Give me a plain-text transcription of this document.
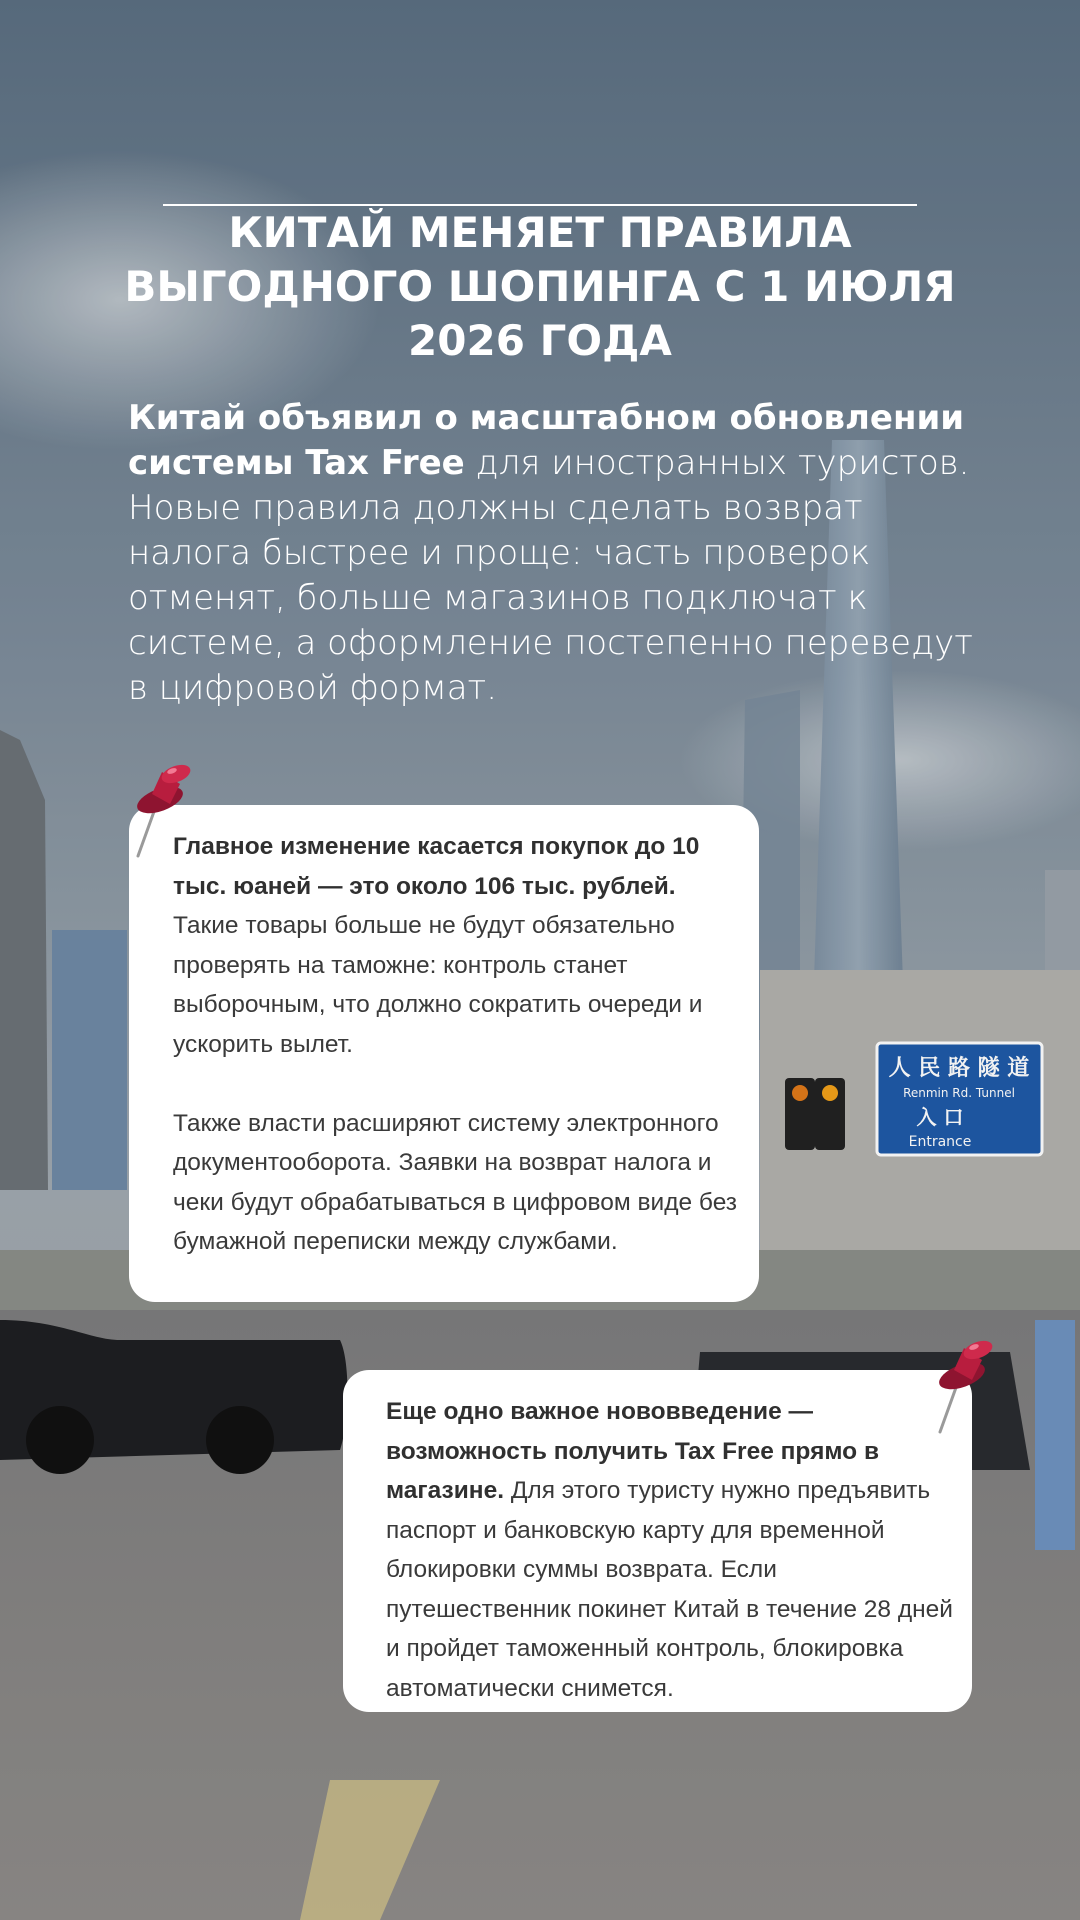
人 民 路 隧 道
Renmin Rd. Tunnel
入 口
Entrance
КИТАЙ МЕНЯЕТ ПРАВИЛА ВЫГОДНОГО ШОПИНГА С 1 ИЮЛЯ 2026 ГОДА

Китай объявил о масштабном обновлении системы Tax Free для иностранных туристов. Новые правила должны сделать возврат налога быстрее и проще: часть проверок отменят, больше магазинов подключат к системе, а оформление постепенно переведут в цифровой формат.

Главное изменение касается покупок до 10 тыс. юаней — это около 106 тыс. рублей. Такие товары больше не будут обязательно проверять на таможне: контроль станет выборочным, что должно сократить очереди и ускорить вылет.

Также власти расширяют систему электронного документооборота. Заявки на возврат налога и чеки будут обрабатываться в цифровом виде без бумажной переписки между службами.

Еще одно важное нововведение — возможность получить Tax Free прямо в магазине. Для этого туристу нужно предъявить паспорт и банковскую карту для временной блокировки суммы возврата. Если путешественник покинет Китай в течение 28 дней и пройдет таможенный контроль, блокировка автоматически снимется.
